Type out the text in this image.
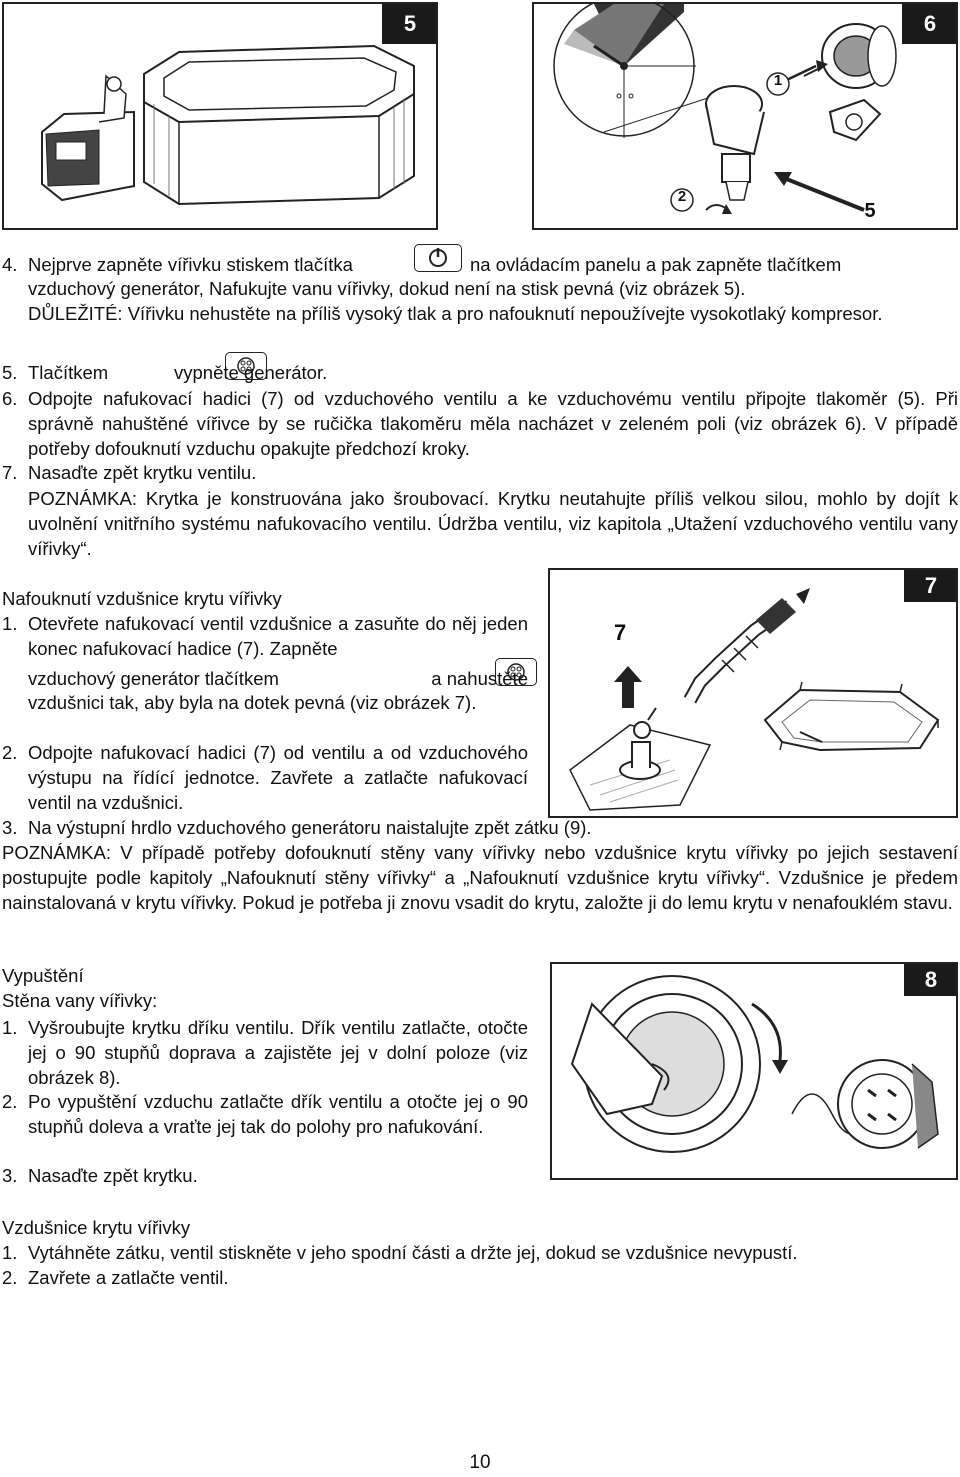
5
1
2
5
6
4. Nejprve zapněte vířivku stiskem tlačítka
	na ovládacím panelu a pak zapněte tlačítkem

vzduchový generátor, Nafukujte vanu vířivky, dokud není na stisk pevná (viz obrázek 5).
DŮLEŽITÉ: Vířivku nehustěte na příliš vysoký tlak a pro nafouknutí nepoužívejte vysokotlaký kompresor.
5. Tlačítkem
	vypněte generátor.
6. Odpojte nafukovací hadici (7) od vzduchového ventilu a ke vzduchovému ventilu připojte tlakoměr (5). Při správně nahuštěné vířivce by se ručička tlakoměru měla nacházet v zeleném poli (viz obrázek 6). V případě potřeby dofouknutí vzduchu opakujte předchozí kroky.
7. Nasaďte zpět krytku ventilu.
POZNÁMKA: Krytka je konstruována jako šroubovací. Krytku neutahujte příliš velkou silou, mohlo by dojít k uvolnění vnitřního systému nafukovacího ventilu. Údržba ventilu, viz kapitola „Utažení vzduchového ventilu vany vířivky“.
Nafouknutí vzdušnice krytu vířivky
7
7
1. Otevřete nafukovací ventil vzdušnice a zasuňte do něj jeden konec nafukovací hadice (7). Zapněte
vzduchový generátor tlačítkem	a nahustěte
vzdušnici tak, aby byla na dotek pevná (viz obrázek 7).
2. Odpojte nafukovací hadici (7) od ventilu a od vzduchového výstupu na řídící jednotce. Zavřete a zatlačte nafukovací ventil na vzdušnici.
3. Na výstupní hrdlo vzduchového generátoru naistalujte zpět zátku (9).
POZNÁMKA: V případě potřeby dofouknutí stěny vany vířivky nebo vzdušnice krytu vířivky po jejich sestavení postupujte podle kapitoly „Nafouknutí stěny vířivky“ a „Nafouknutí vzdušnice krytu vířivky“. Vzdušnice je předem nainstalovaná v krytu vířivky. Pokud je potřeba ji znovu vsadit do krytu, založte ji do lemu krytu v nenafouklém stavu.
Vypuštění
Stěna vany vířivky:
8
1. Vyšroubujte krytku dříku ventilu. Dřík ventilu zatlačte, otočte jej o 90 stupňů doprava a zajistěte jej v dolní poloze (viz obrázek 8).
2. Po vypuštění vzduchu zatlačte dřík ventilu a otočte jej o 90 stupňů doleva a vraťte jej tak do polohy pro nafukování.
3. Nasaďte zpět krytku.
Vzdušnice krytu vířivky
1. Vytáhněte zátku, ventil stiskněte v jeho spodní části a držte jej, dokud se vzdušnice nevypustí.
2. Zavřete a zatlačte ventil.
10
